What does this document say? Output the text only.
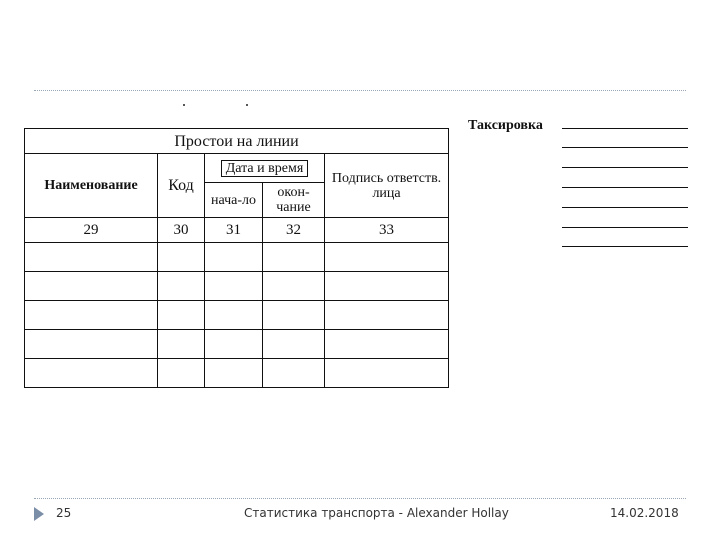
Простои на линии				
Наименование	Код	Дата и время		Подпись ответств. лица
		нача-ло	окон-чание	
29	30	31	32	33

Таксировка
25	Статистика транспорта - Alexander Hollay	14.02.2018
